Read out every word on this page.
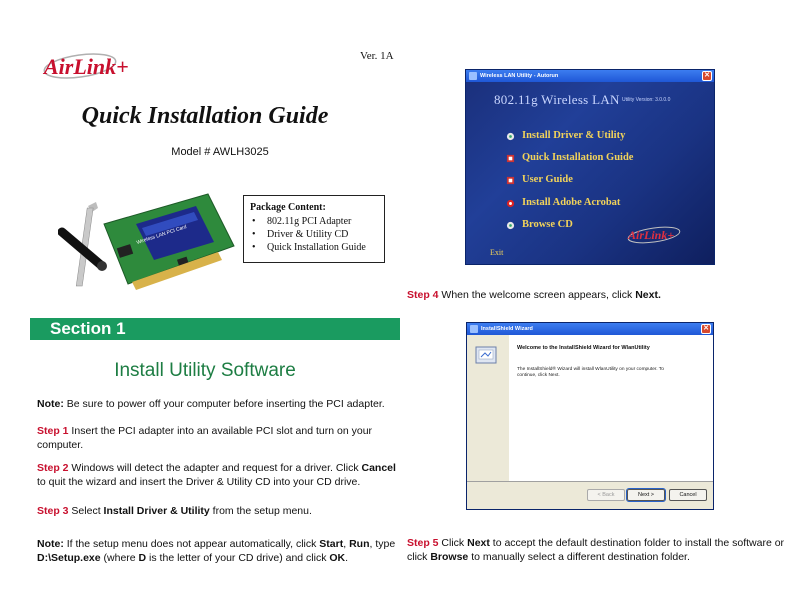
AirLink+	Ver. 1A
Quick Installation Guide
Model # AWLH3025
Wireless LAN PCI Card
Package Content:
• 802.11g PCI Adapter
• Driver & Utility CD
• Quick Installation Guide
Section 1
Install Utility Software
Note: Be sure to power off your computer before inserting the PCI adapter.
Step 1 Insert the PCI adapter into an available PCI slot and turn on your computer.
Step 2 Windows will detect the adapter and request for a driver. Click Cancel to quit the wizard and insert the Driver & Utility CD into your CD drive.
Step 3 Select Install Driver & Utility from the setup menu.
Note: If the setup menu does not appear automatically, click Start, Run, type D:\Setup.exe (where D is the letter of your CD drive) and click OK.
Wireless LAN Utility - Autorun	✕
802.11g Wireless LAN Utility Version: 3.0.0.0
Install Driver & Utility
Quick Installation Guide
User Guide
Install Adobe Acrobat
Browse CD
AirLink+
Exit
Step 4 When the welcome screen appears, click Next.
InstallShield Wizard	✕
Welcome to the InstallShield Wizard for WlanUtility
The InstallShield® Wizard will install WlanUtility on your computer. To continue, click Next.
< Back	Next >	Cancel
Step 5 Click Next to accept the default destination folder to install the software or click Browse to manually select a different destination folder.
